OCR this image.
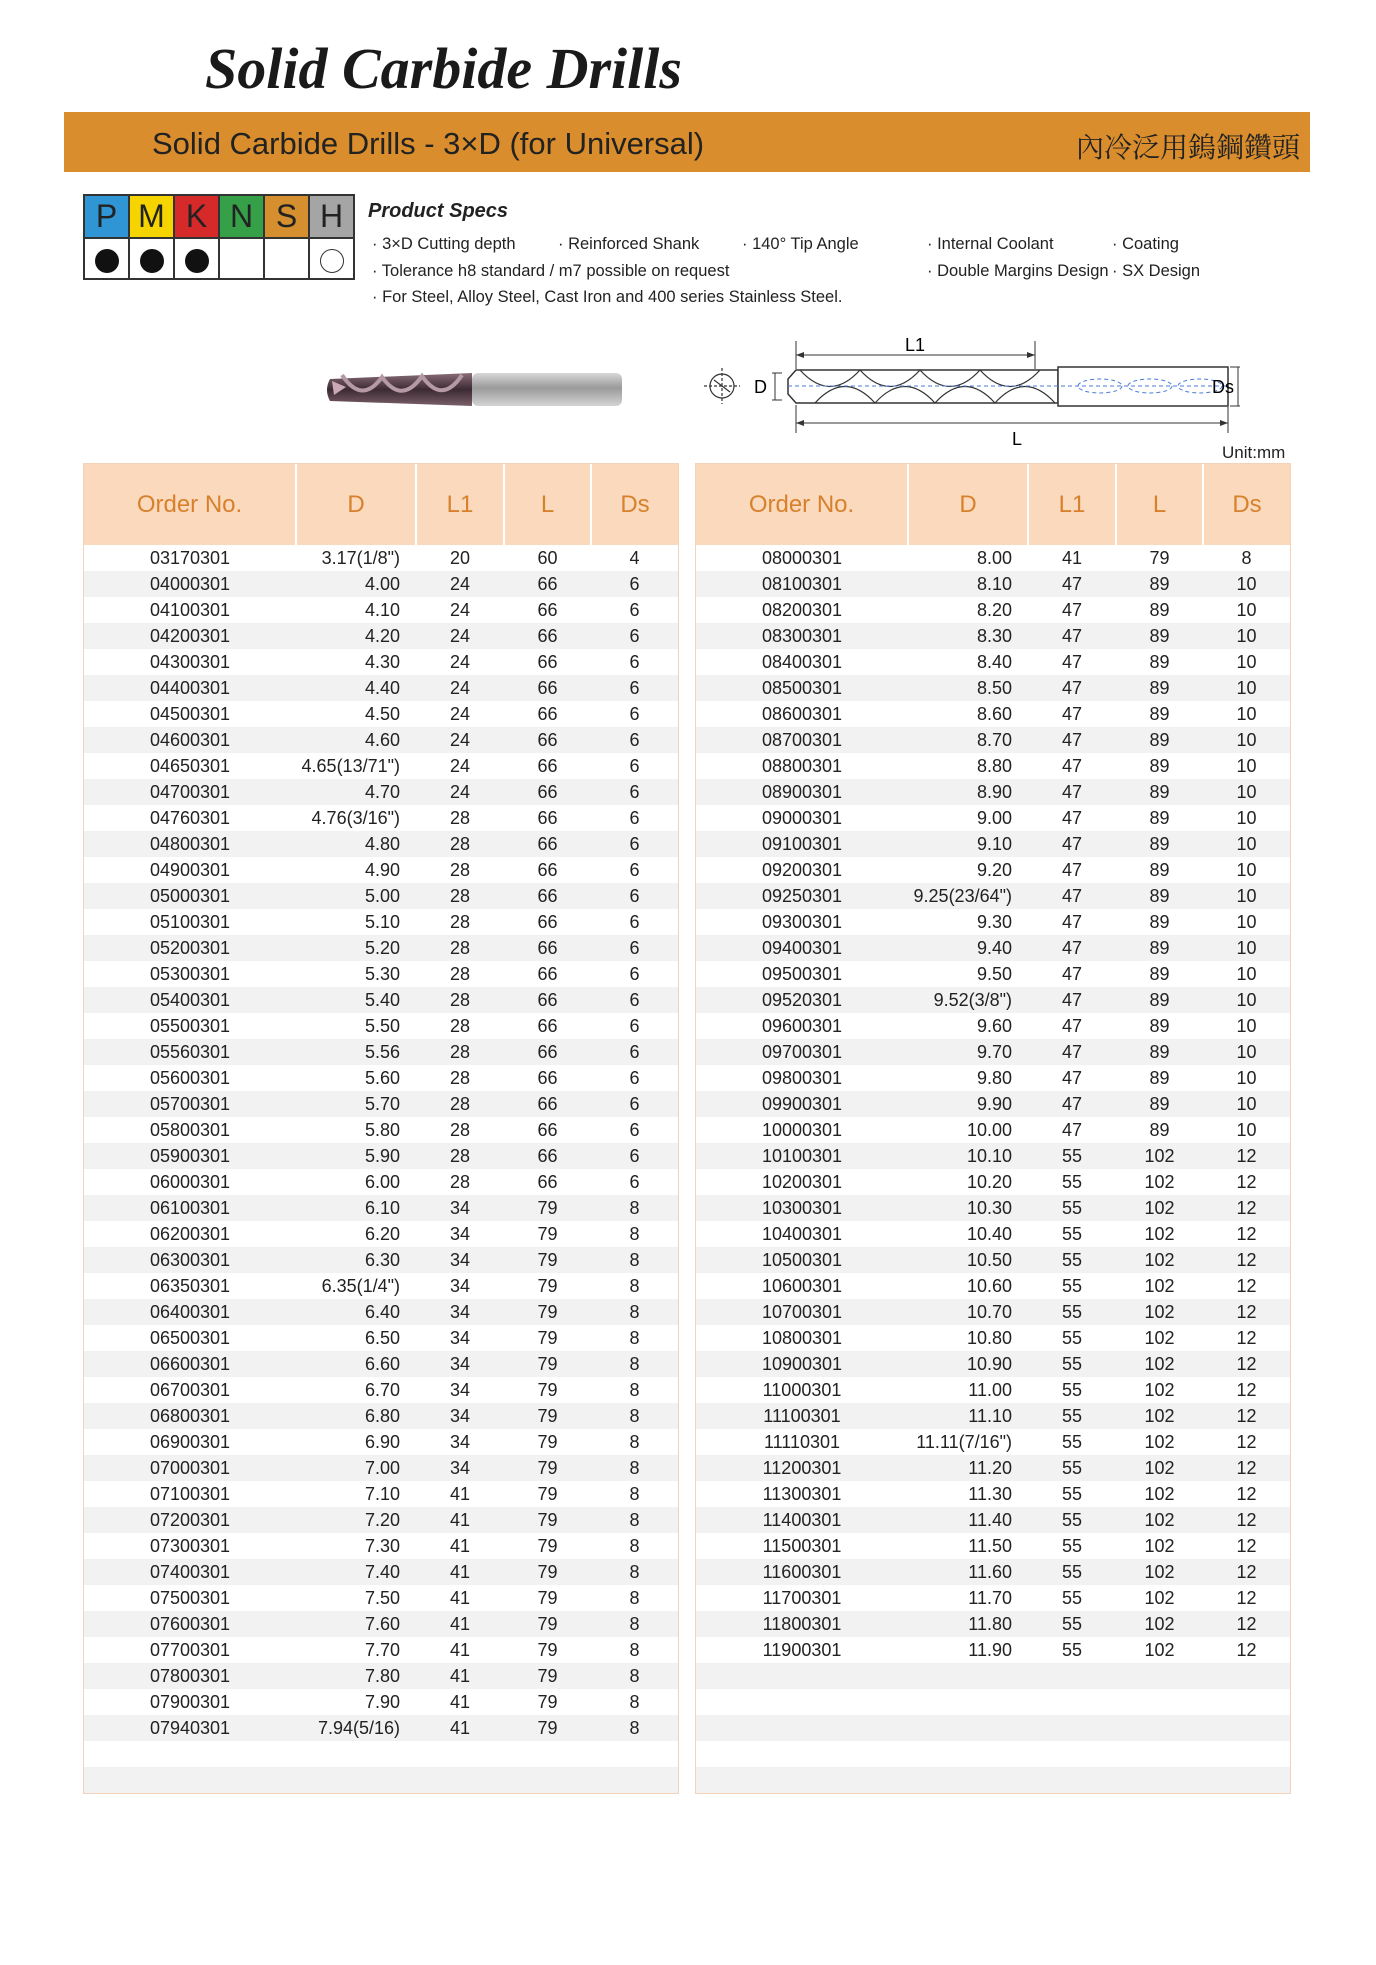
Solid Carbide Drills
Solid Carbide Drills - 3×D (for Universal)	內冷泛用鎢鋼鑽頭
P	M	K	N	S	H
					Product Specs
· 3×D Cutting depth	· Reinforced Shank	· 140° Tip Angle	· Internal Coolant	· Coating
· Tolerance h8 standard / m7 possible on request	· Double Margins Design · SX Design
· For Steel, Alloy Steel, Cast Iron and 400 series Stainless Steel.
D
L1
L
Ds
Unit:mm
Order No.	D	L1	L	Ds
03170301	3.17(1/8")	20	60	4
04000301	4.00	24	66	6
04100301	4.10	24	66	6
04200301	4.20	24	66	6
04300301	4.30	24	66	6
04400301	4.40	24	66	6
04500301	4.50	24	66	6
04600301	4.60	24	66	6
04650301	4.65(13/71")	24	66	6
04700301	4.70	24	66	6
04760301	4.76(3/16")	28	66	6
04800301	4.80	28	66	6
04900301	4.90	28	66	6
05000301	5.00	28	66	6
05100301	5.10	28	66	6
05200301	5.20	28	66	6
05300301	5.30	28	66	6
05400301	5.40	28	66	6
05500301	5.50	28	66	6
05560301	5.56	28	66	6
05600301	5.60	28	66	6
05700301	5.70	28	66	6
05800301	5.80	28	66	6
05900301	5.90	28	66	6
06000301	6.00	28	66	6
06100301	6.10	34	79	8
06200301	6.20	34	79	8
06300301	6.30	34	79	8
06350301	6.35(1/4")	34	79	8
06400301	6.40	34	79	8
06500301	6.50	34	79	8
06600301	6.60	34	79	8
06700301	6.70	34	79	8
06800301	6.80	34	79	8
06900301	6.90	34	79	8
07000301	7.00	34	79	8
07100301	7.10	41	79	8
07200301	7.20	41	79	8
07300301	7.30	41	79	8
07400301	7.40	41	79	8
07500301	7.50	41	79	8
07600301	7.60	41	79	8
07700301	7.70	41	79	8
07800301	7.80	41	79	8
07900301	7.90	41	79	8
07940301	7.94(5/16)	41	79	8

Order No.	D	L1	L	Ds
08000301	8.00	41	79	8
08100301	8.10	47	89	10
08200301	8.20	47	89	10
08300301	8.30	47	89	10
08400301	8.40	47	89	10
08500301	8.50	47	89	10
08600301	8.60	47	89	10
08700301	8.70	47	89	10
08800301	8.80	47	89	10
08900301	8.90	47	89	10
09000301	9.00	47	89	10
09100301	9.10	47	89	10
09200301	9.20	47	89	10
09250301	9.25(23/64")	47	89	10
09300301	9.30	47	89	10
09400301	9.40	47	89	10
09500301	9.50	47	89	10
09520301	9.52(3/8")	47	89	10
09600301	9.60	47	89	10
09700301	9.70	47	89	10
09800301	9.80	47	89	10
09900301	9.90	47	89	10
10000301	10.00	47	89	10
10100301	10.10	55	102	12
10200301	10.20	55	102	12
10300301	10.30	55	102	12
10400301	10.40	55	102	12
10500301	10.50	55	102	12
10600301	10.60	55	102	12
10700301	10.70	55	102	12
10800301	10.80	55	102	12
10900301	10.90	55	102	12
11000301	11.00	55	102	12
11100301	11.10	55	102	12
11110301	11.11(7/16")	55	102	12
11200301	11.20	55	102	12
11300301	11.30	55	102	12
11400301	11.40	55	102	12
11500301	11.50	55	102	12
11600301	11.60	55	102	12
11700301	11.70	55	102	12
11800301	11.80	55	102	12
11900301	11.90	55	102	12
